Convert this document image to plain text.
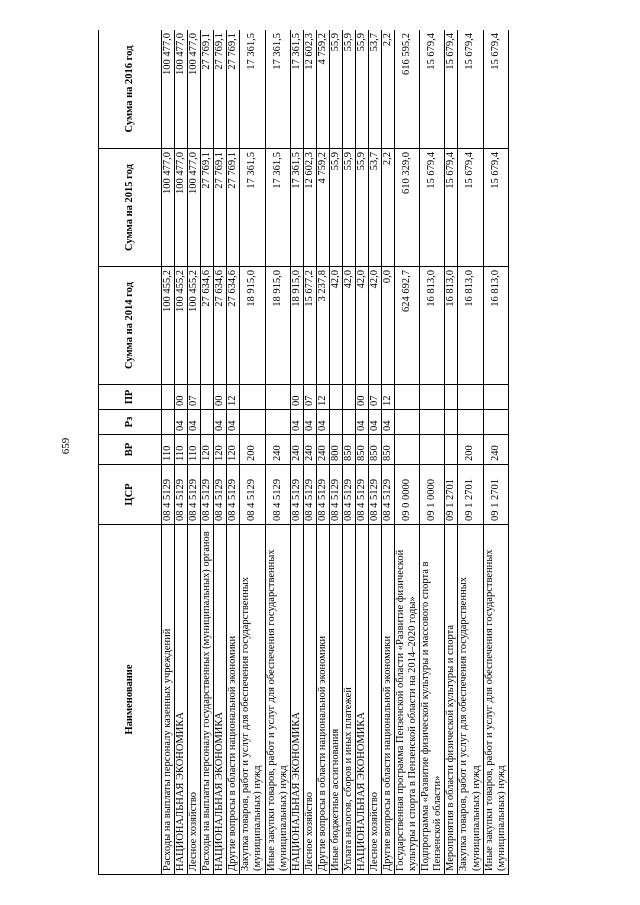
659
Наименование	ЦСР	ВР	Рз	ПР	Сумма на 2014 год	Сумма на 2015 год	Сумма на 2016 год
Расходы на выплаты персоналу казенных учреждений	08 4 5129	110			100 455,2	100 477,0	100 477,0
НАЦИОНАЛЬНАЯ ЭКОНОМИКА	08 4 5129	110	04	00	100 455,2	100 477,0	100 477,0
Лесное хозяйство	08 4 5129	110	04	07	100 455,2	100 477,0	100 477,0
Расходы на выплаты персоналу государственных (муниципальных) органов	08 4 5129	120			27 634,6	27 769,1	27 769,1
НАЦИОНАЛЬНАЯ ЭКОНОМИКА	08 4 5129	120	04	00	27 634,6	27 769,1	27 769,1
Другие вопросы в области национальной экономики	08 4 5129	120	04	12	27 634,6	27 769,1	27 769,1
Закупка товаров, работ и услуг для обеспечения государственных (муниципальных) нужд	08 4 5129	200			18 915,0	17 361,5	17 361,5
Иные закупки товаров, работ и услуг для обеспечения государственных (муниципальных) нужд	08 4 5129	240			18 915,0	17 361,5	17 361,5
НАЦИОНАЛЬНАЯ ЭКОНОМИКА	08 4 5129	240	04	00	18 915,0	17 361,5	17 361,5
Лесное хозяйство	08 4 5129	240	04	07	15 677,2	12 602,3	12 602,3
Другие вопросы в области национальной экономики	08 4 5129	240	04	12	3 237,8	4 759,2	4 759,2
Иные бюджетные ассигнования	08 4 5129	800			42,0	55,9	55,9
Уплата налогов, сборов и иных платежей	08 4 5129	850			42,0	55,9	55,9
НАЦИОНАЛЬНАЯ ЭКОНОМИКА	08 4 5129	850	04	00	42,0	55,9	55,9
Лесное хозяйство	08 4 5129	850	04	07	42,0	53,7	53,7
Другие вопросы в области национальной экономики	08 4 5129	850	04	12	0,0	2,2	2,2
Государственная программа Пензенской области «Развитие физической культуры и спорта в Пензенской области на 2014–2020 годы»	09 0 0000				624 692,7	610 329,0	616 595,2
Подпрограмма «Развитие физической культуры и массового спорта в Пензенской области»	09 1 0000				16 813,0	15 679,4	15 679,4
Мероприятия в области физической культуры и спорта	09 1 2701				16 813,0	15 679,4	15 679,4
Закупка товаров, работ и услуг для обеспечения государственных (муниципальных) нужд	09 1 2701	200			16 813,0	15 679,4	15 679,4
Иные закупки товаров, работ и услуг для обеспечения государственных (муниципальных) нужд	09 1 2701	240			16 813,0	15 679,4	15 679,4
